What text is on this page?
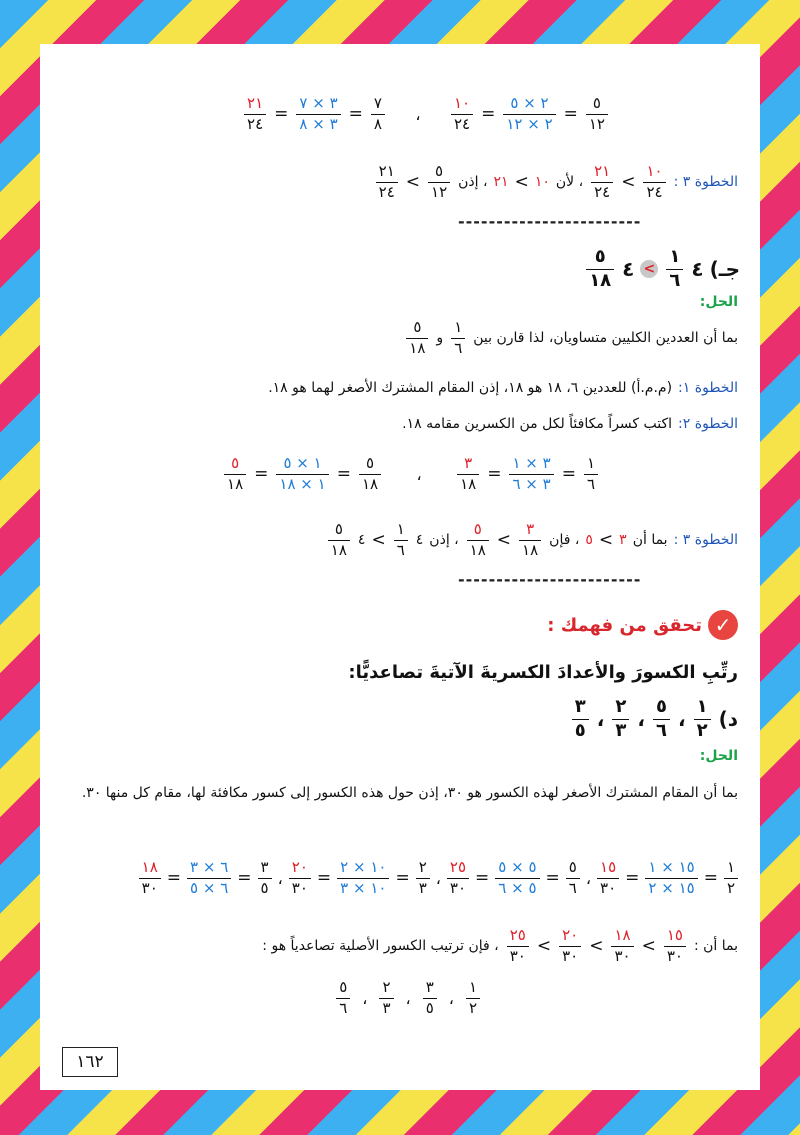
$\frac{٥}{١٢}$
=
$\frac{٢ \times ٥}{٢ \times ١٢}$
=
$\frac{١٠}{٢٤}$
،
$\frac{٧}{٨}$
=
$\frac{٣ \times ٧}{٣ \times ٨}$
=
$\frac{٢١}{٢٤}$
الخطوة ٣ :
$\frac{١٠}{٢٤}$
>
$\frac{٢١}{٢٤}$
، لأن
١٠
>
٢١
، إذن
$\frac{٥}{١٢}$
>
$\frac{٢١}{٢٤}$
------------------------
جـ)
٤
$\frac{١}{٦}$
>
٤
$\frac{٥}{١٨}$
الحل:
بما أن العددين الكليين متساويان، لذا قارن بين
$\frac{١}{٦}$
و
$\frac{٥}{١٨}$
الخطوة ١:
(م.م.أ) للعددين ٦، ١٨ هو ١٨، إذن المقام المشترك الأصغر لهما هو ١٨.
الخطوة ٢:
اكتب كسراً مكافئاً لكل من الكسرين مقامه ١٨.
$\frac{١}{٦}$
=
$\frac{٣ \times ١}{٣ \times ٦}$
=
$\frac{٣}{١٨}$
،
$\frac{٥}{١٨}$
=
$\frac{١ \times ٥}{١ \times ١٨}$
=
$\frac{٥}{١٨}$
الخطوة ٣ :
بما أن
٣
>
٥
، فإن
$\frac{٣}{١٨}$
>
$\frac{٥}{١٨}$
، إذن
٤
$\frac{١}{٦}$
>
٤
$\frac{٥}{١٨}$
------------------------
✓
تحقق من فهمك :
رتِّبِ الكسورَ والأعدادَ الكسريةَ الآتيةَ تصاعديًّا:
د)
$\frac{١}{٢}$
،
$\frac{٥}{٦}$
،
$\frac{٢}{٣}$
،
$\frac{٣}{٥}$
الحل:
بما أن المقام المشترك الأصغر لهذه الكسور هو ٣٠، إذن حول هذه الكسور إلى كسور مكافئة لها، مقام كل منها ٣٠.
$\frac{١}{٢}$
=
$\frac{١٥ \times ١}{١٥ \times ٢}$
=
$\frac{١٥}{٣٠}$
،
$\frac{٥}{٦}$
=
$\frac{٥ \times ٥}{٥ \times ٦}$
=
$\frac{٢٥}{٣٠}$
،
$\frac{٢}{٣}$
=
$\frac{١٠ \times ٢}{١٠ \times ٣}$
=
$\frac{٢٠}{٣٠}$
،
$\frac{٣}{٥}$
=
$\frac{٦ \times ٣}{٦ \times ٥}$
=
$\frac{١٨}{٣٠}$
بما أن :
$\frac{١٥}{٣٠}$
>
$\frac{١٨}{٣٠}$
>
$\frac{٢٠}{٣٠}$
>
$\frac{٢٥}{٣٠}$
، فإن ترتيب الكسور الأصلية تصاعدياً هو :
$\frac{١}{٢}$
،
$\frac{٣}{٥}$
،
$\frac{٢}{٣}$
،
$\frac{٥}{٦}$
١٦٢
